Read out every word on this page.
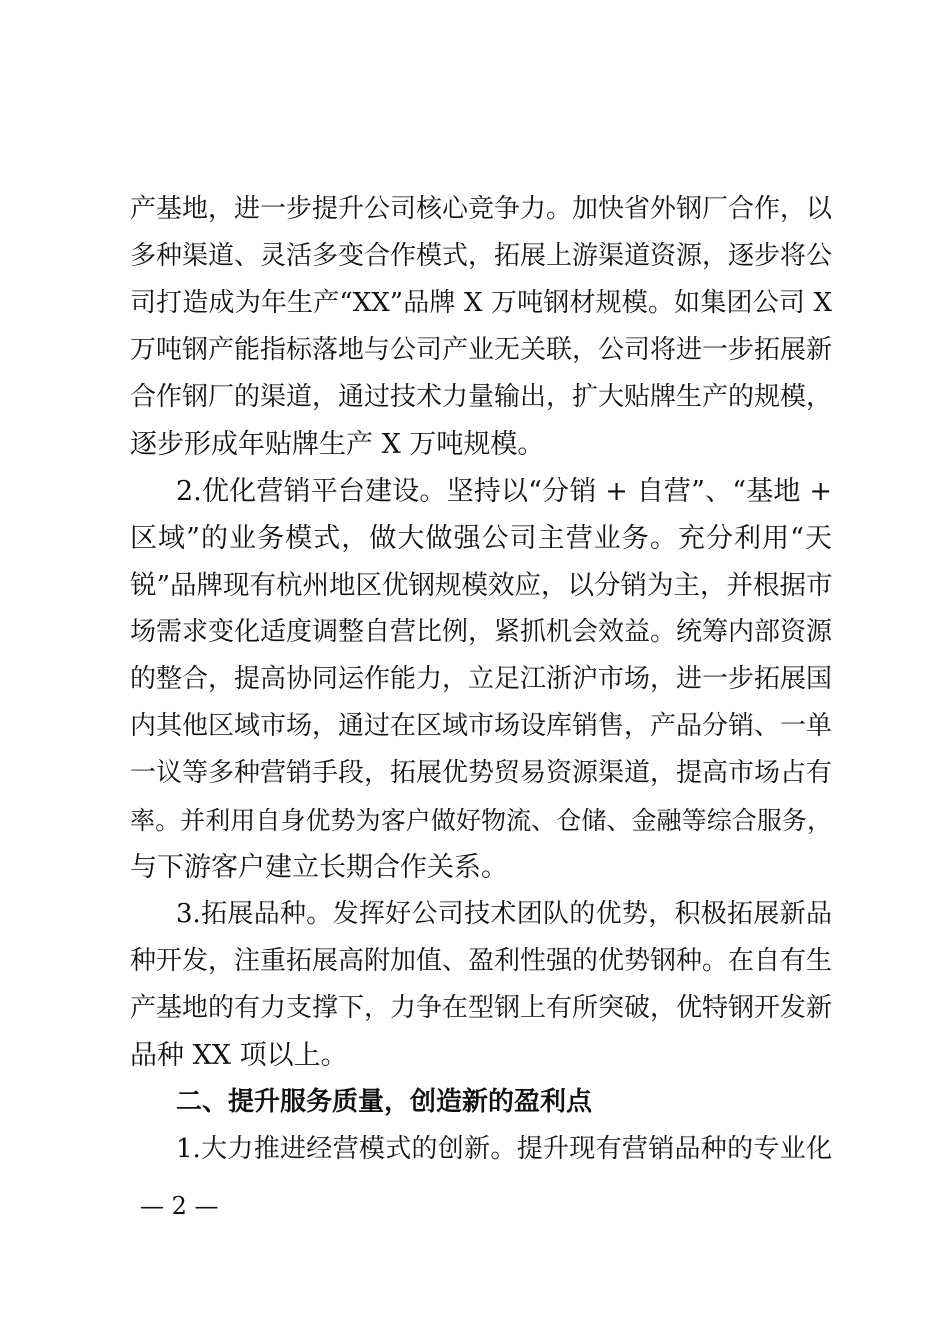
产基地，进一步提升公司核心竞争力。加快省外钢厂合作，以
多种渠道、灵活多变合作模式，拓展上游渠道资源，逐步将公
司打造成为年生产“XX”品牌 X 万吨钢材规模。如集团公司 X
万吨钢产能指标落地与公司产业无关联，公司将进一步拓展新
合作钢厂的渠道，通过技术力量输出，扩大贴牌生产的规模，
逐步形成年贴牌生产 X 万吨规模。
2.优化营销平台建设。坚持以“分销 + 自营”、“基地 +
区域”的业务模式，做大做强公司主营业务。充分利用“天
锐”品牌现有杭州地区优钢规模效应，以分销为主，并根据市
场需求变化适度调整自营比例，紧抓机会效益。统筹内部资源
的整合，提高协同运作能力，立足江浙沪市场，进一步拓展国
内其他区域市场，通过在区域市场设库销售，产品分销、一单
一议等多种营销手段，拓展优势贸易资源渠道，提高市场占有
率。并利用自身优势为客户做好物流、仓储、金融等综合服务，
与下游客户建立长期合作关系。
3.拓展品种。发挥好公司技术团队的优势，积极拓展新品
种开发，注重拓展高附加值、盈利性强的优势钢种。在自有生
产基地的有力支撑下，力争在型钢上有所突破，优特钢开发新
品种 XX 项以上。
二、提升服务质量，创造新的盈利点
1.大力推进经营模式的创新。提升现有营销品种的专业化
— 2 —
